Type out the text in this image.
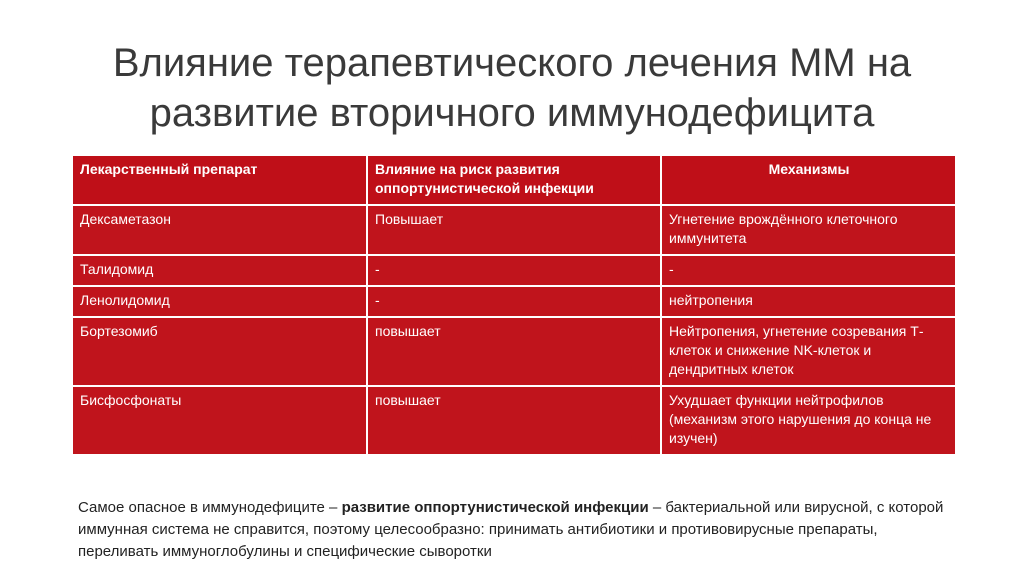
Влияние терапевтического лечения ММ на
развитие вторичного иммунодефицита
Лекарственный препарат	Влияние на риск развития оппортунистической инфекции	Механизмы
Дексаметазон	Повышает	Угнетение врождённого клеточного иммунитета
Талидомид	-	-
Ленолидомид	-	нейтропения
Бортезомиб	повышает	Нейтропения, угнетение созревания Т-клеток и снижение NK-клеток и дендритных клеток
Бисфосфонаты	повышает	Ухудшает функции нейтрофилов (механизм этого нарушения до конца не изучен)
Самое опасное в иммунодефиците – развитие оппортунистической инфекции – бактериальной или вирусной, с которой иммунная система не справится, поэтому целесообразно: принимать антибиотики и противовирусные препараты, переливать иммуноглобулины и специфические сыворотки
